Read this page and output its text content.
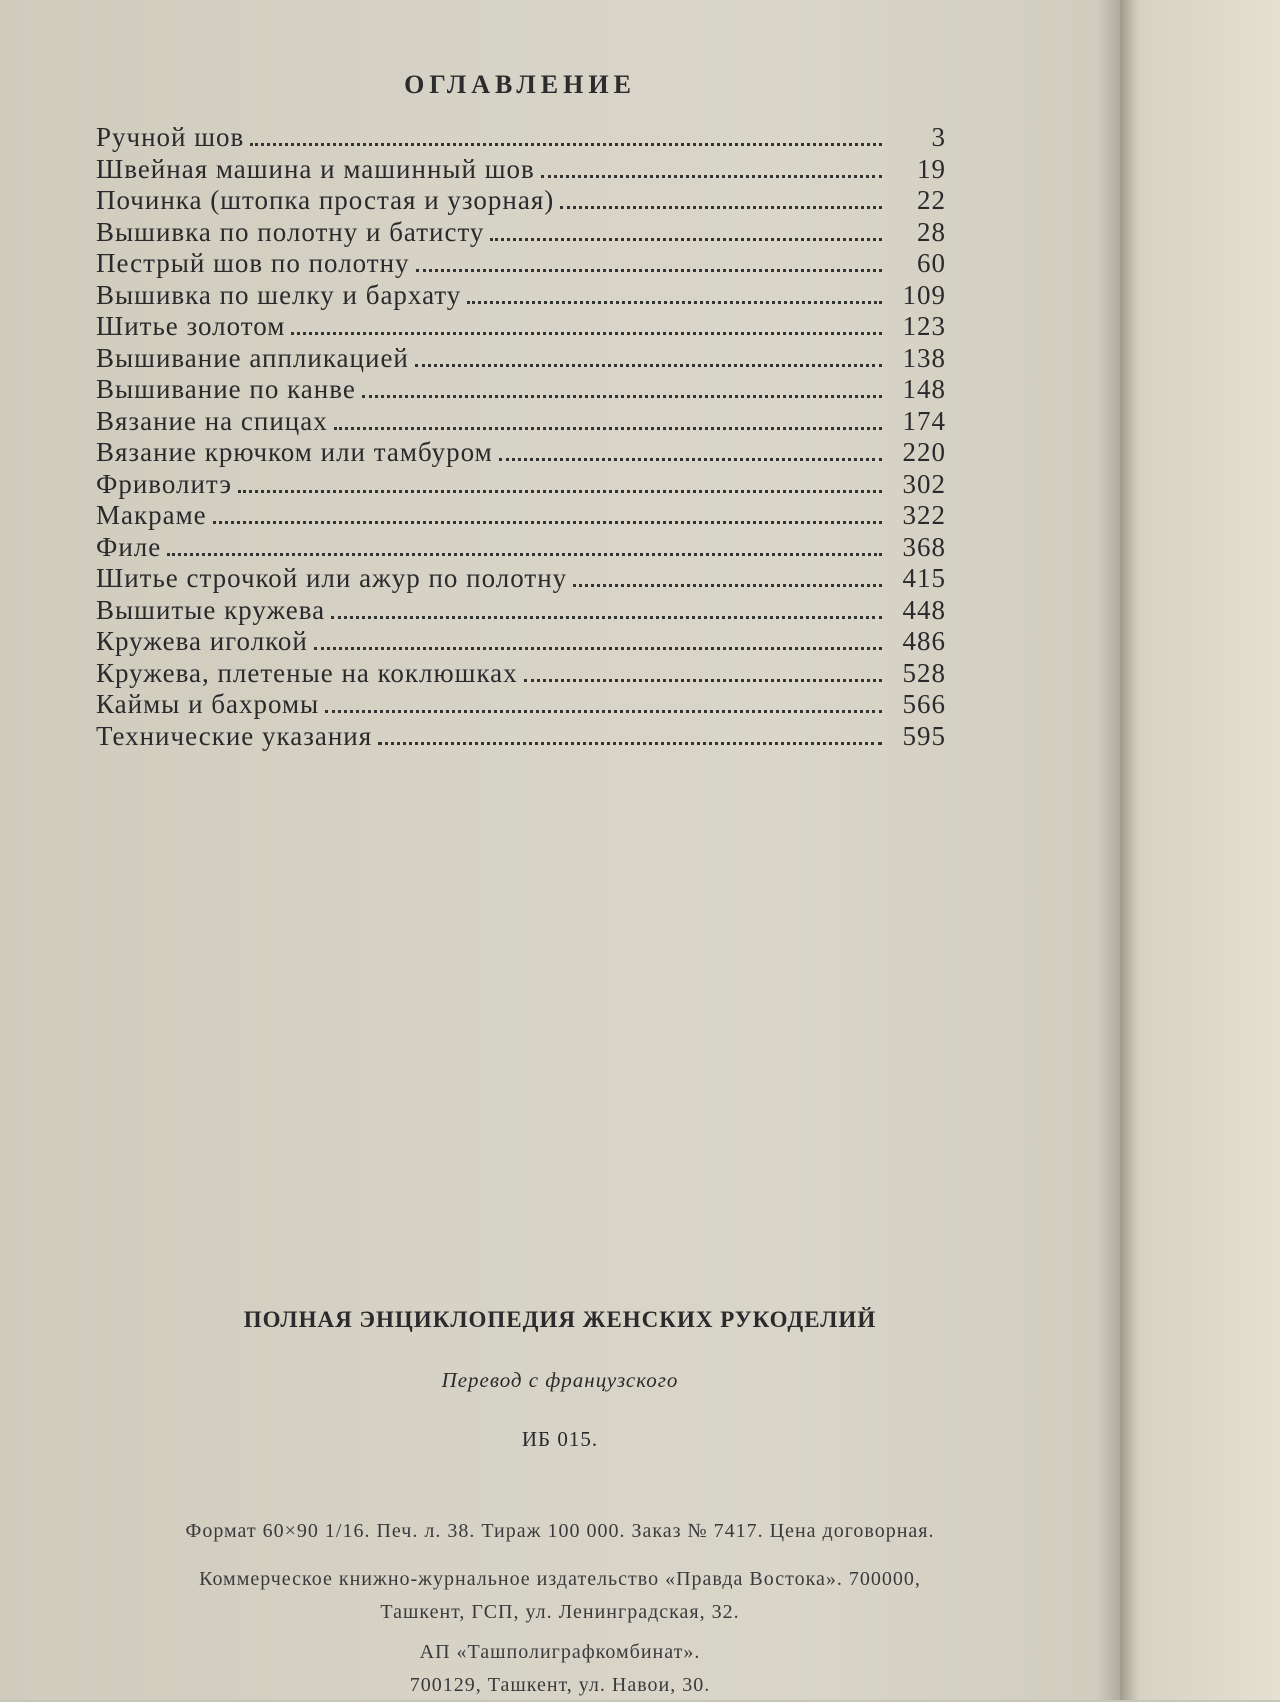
ОГЛАВЛЕНИЕ
Ручной шов	3
Швейная машина и машинный шов	19
Починка (штопка простая и узорная)	22
Вышивка по полотну и батисту	28
Пестрый шов по полотну	60
Вышивка по шелку и бархату	109
Шитье золотом	123
Вышивание аппликацией	138
Вышивание по канве	148
Вязание на спицах	174
Вязание крючком или тамбуром	220
Фриволитэ	302
Макраме	322
Филе	368
Шитье строчкой или ажур по полотну	415
Вышитые кружева	448
Кружева иголкой	486
Кружева, плетеные на коклюшках	528
Каймы и бахромы	566
Технические указания	595
ПОЛНАЯ ЭНЦИКЛОПЕДИЯ ЖЕНСКИХ РУКОДЕЛИЙ
Перевод с французского
ИБ 015.
Формат 60×90 1/16. Печ. л. 38. Тираж 100 000. Заказ № 7417. Цена договорная.
Коммерческое книжно-журнальное издательство «Правда Востока». 700000,
Ташкент, ГСП, ул. Ленинградская, 32.
АП «Ташполиграфкомбинат».
700129, Ташкент, ул. Навои, 30.
